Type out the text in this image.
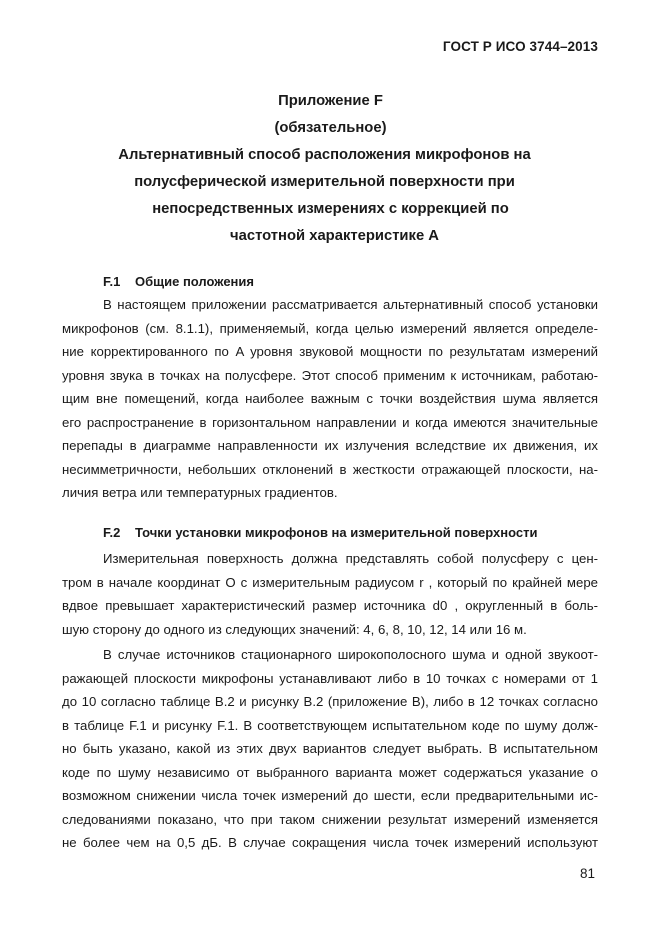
ГОСТ Р ИСО 3744–2013
Приложение F
(обязательное)
Альтернативный способ расположения микрофонов на
полусферической измерительной поверхности при
непосредственных измерениях с коррекцией по
частотной характеристике A
F.1 Общие положения
В настоящем приложении рассматривается альтернативный способ установки
микрофонов (см. 8.1.1), применяемый, когда целью измерений является определе-
ние корректированного по A уровня звуковой мощности по результатам измерений
уровня звука в точках на полусфере. Этот способ применим к источникам, работаю-
щим вне помещений, когда наиболее важным с точки воздействия шума является
его распространение в горизонтальном направлении и когда имеются значительные
перепады в диаграмме направленности их излучения вследствие их движения, их
несимметричности, небольших отклонений в жесткости отражающей плоскости, на-
личия ветра или температурных градиентов.
F.2 Точки установки микрофонов на измерительной поверхности
Измерительная поверхность должна представлять собой полусферу с цен-
тром в начале координат O с измерительным радиусом r , который по крайней мере
вдвое превышает характеристический размер источника d0 , округленный в боль-
шую сторону до одного из следующих значений: 4, 6, 8, 10, 12, 14 или 16 м.
В случае источников стационарного широкополосного шума и одной звукоот-
ражающей плоскости микрофоны устанавливают либо в 10 точках с номерами от 1
до 10 согласно таблице В.2 и рисунку В.2 (приложение В), либо в 12 точках согласно
в таблице F.1 и рисунку F.1. В соответствующем испытательном коде по шуму долж-
но быть указано, какой из этих двух вариантов следует выбрать. В испытательном
коде по шуму независимо от выбранного варианта может содержаться указание о
возможном снижении числа точек измерений до шести, если предварительными ис-
следованиями показано, что при таком снижении результат измерений изменяется
не более чем на 0,5 дБ. В случае сокращения числа точек измерений используют
81
